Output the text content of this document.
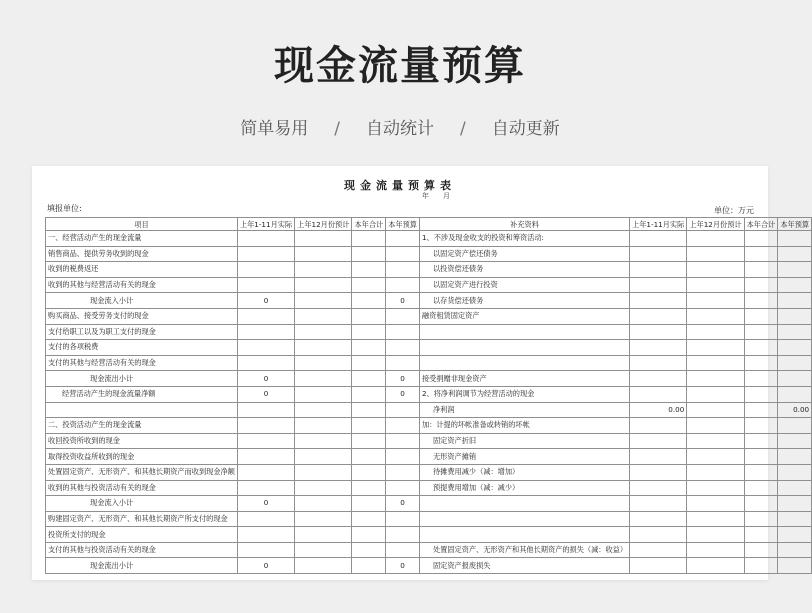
现金流量预算
简单易用 / 自动统计 / 自动更新
现金流量预算表
年 月
填报单位:	单位：万元
项目	上年1-11月实际	上年12月份预计	本年合计	本年预算	补充资料	上年1-11月实际	上年12月份预计	本年合计	本年预算
一、经营活动产生的现金流量					1、不涉及现金收支的投资和筹资活动:				
销售商品、提供劳务收到的现金					以固定资产偿还债务				
收到的税费返还					以投资偿还债务				
收到的其他与经营活动有关的现金					以固定资产进行投资				
现金流入小计	0			0	以存货偿还债务				
购买商品、接受劳务支付的现金					融资租赁固定资产				
支付给职工以及为职工支付的现金									
支付的各项税费									
支付的其他与经营活动有关的现金									
现金流出小计	0			0	接受捐赠非现金资产				
经营活动产生的现金流量净额	0			0	2、将净利润调节为经营活动的现金				
					净利润	0.00			0.00
二、投资活动产生的现金流量					加：计提的坏帐准备或转销的坏帐				
收回投资所收到的现金					固定资产折旧				
取得投资收益所收到的现金					无形资产摊销				
处置固定资产、无形资产、和其他长期资产而收到现金净额					待摊费用减少（减：增加）				
收到的其他与投资活动有关的现金					预提费用增加（减：减少）				
现金流入小计	0			0					
购建固定资产、无形资产、和其他长期资产所支付的现金									
投资所支付的现金									
支付的其他与投资活动有关的现金					处置固定资产、无形资产和其他长期资产的损失（减：收益）				
现金流出小计	0			0	固定资产报废损失				
